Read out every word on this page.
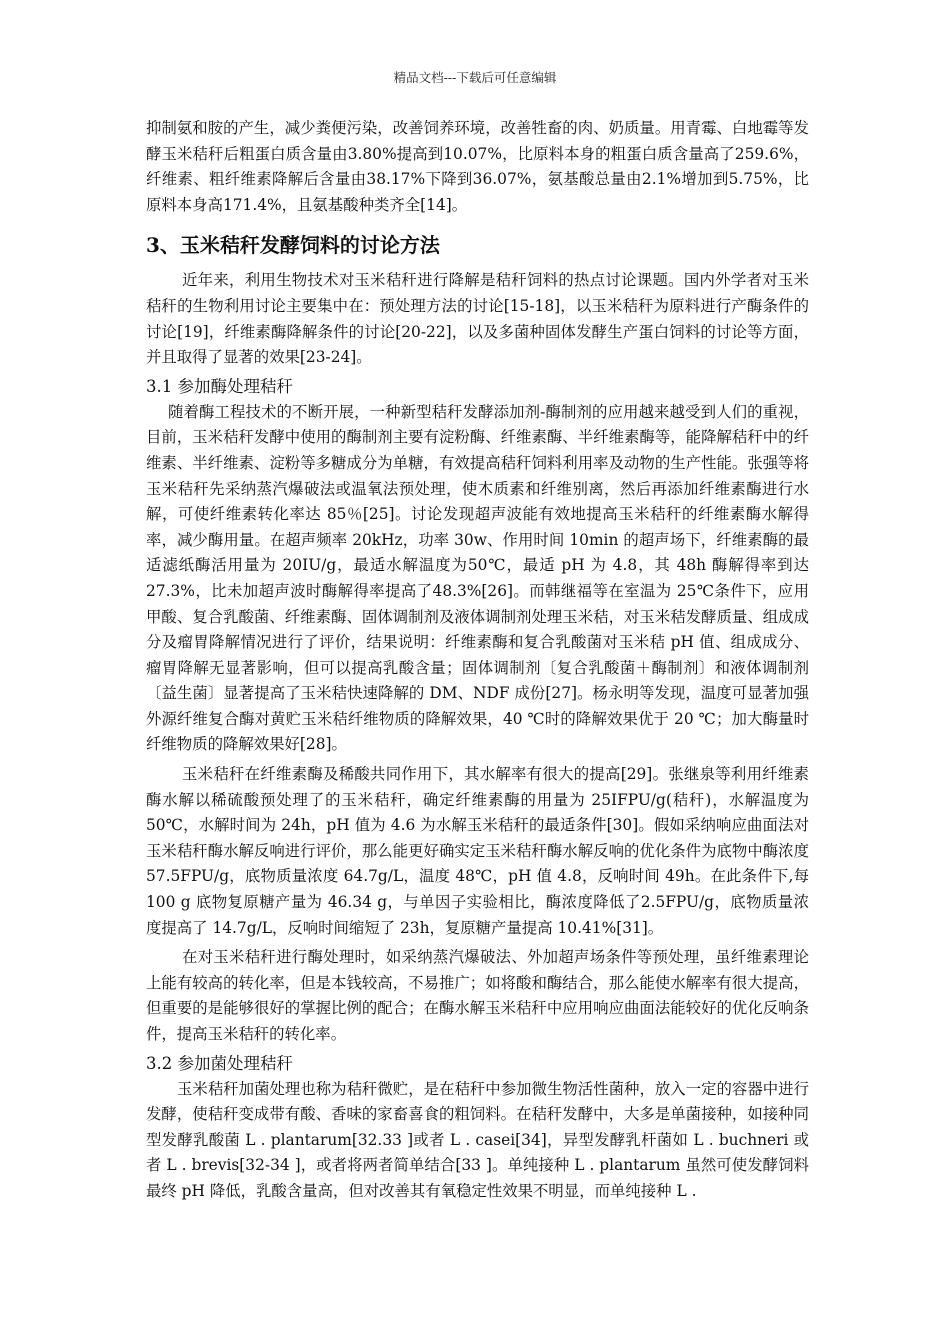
精品文档---下载后可任意编辑

抑制氨和胺的产生，减少粪便污染，改善饲养环境，改善牲畜的肉、奶质量。用青霉、白地霉等发酵玉米秸秆后粗蛋白质含量由3.80%提高到10.07%，比原料本身的粗蛋白质含量高了259.6%，纤维素、粗纤维素降解后含量由38.17%下降到36.07%，氨基酸总量由2.1%增加到5.75%，比原料本身高171.4%，且氨基酸种类齐全[14]。

3、玉米秸秆发酵饲料的讨论方法

近年来，利用生物技术对玉米秸秆进行降解是秸秆饲料的热点讨论课题。国内外学者对玉米秸秆的生物利用讨论主要集中在：预处理方法的讨论[15-18]，以玉米秸秆为原料进行产酶条件的讨论[19]，纤维素酶降解条件的讨论[20-22]，以及多菌种固体发酵生产蛋白饲料的讨论等方面，并且取得了显著的效果[23-24]。

3.1 参加酶处理秸秆

随着酶工程技术的不断开展，一种新型秸秆发酵添加剂-酶制剂的应用越来越受到人们的重视，目前，玉米秸秆发酵中使用的酶制剂主要有淀粉酶、纤维素酶、半纤维素酶等，能降解秸秆中的纤维素、半纤维素、淀粉等多糖成分为单糖，有效提高秸秆饲料利用率及动物的生产性能。张强等将玉米秸秆先采纳蒸汽爆破法或温氧法预处理，使木质素和纤维别离，然后再添加纤维素酶进行水解，可使纤维素转化率达 85％[25]。讨论发现超声波能有效地提高玉米秸秆的纤维素酶水解得率，减少酶用量。在超声频率 20kHz，功率 30w、作用时间 10min 的超声场下，纤维素酶的最适滤纸酶活用量为 20IU/g，最适水解温度为50℃，最适 pH 为 4.8，其 48h 酶解得率到达 27.3%，比未加超声波时酶解得率提高了48.3%[26]。而韩继福等在室温为 25℃条件下，应用甲酸、复合乳酸菌、纤维素酶、固体调制剂及液体调制剂处理玉米秸，对玉米秸发酵质量、组成成分及瘤胃降解情况进行了评价，结果说明：纤维素酶和复合乳酸菌对玉米秸 pH 值、组成成分、瘤胃降解无显著影响，但可以提高乳酸含量；固体调制剂〔复合乳酸菌＋酶制剂〕和液体调制剂〔益生菌〕显著提高了玉米秸快速降解的 DM、NDF 成份[27]。杨永明等发现，温度可显著加强外源纤维复合酶对黄贮玉米秸纤维物质的降解效果，40 ℃时的降解效果优于 20 ℃；加大酶量时纤维物质的降解效果好[28]。

玉米秸秆在纤维素酶及稀酸共同作用下，其水解率有很大的提高[29]。张继泉等利用纤维素酶水解以稀硫酸预处理了的玉米秸秆，确定纤维素酶的用量为 25IFPU/g(秸秆)，水解温度为 50℃，水解时间为 24h，pH 值为 4.6 为水解玉米秸秆的最适条件[30]。假如采纳响应曲面法对玉米秸秆酶水解反响进行评价，那么能更好确实定玉米秸秆酶水解反响的优化条件为底物中酶浓度 57.5FPU/g，底物质量浓度 64.7g/L，温度 48℃，pH 值 4.8，反响时间 49h。在此条件下,每 100 g 底物复原糖产量为 46.34 g，与单因子实验相比，酶浓度降低了2.5FPU/g，底物质量浓度提高了 14.7g/L，反响时间缩短了 23h，复原糖产量提高 10.41%[31]。

在对玉米秸秆进行酶处理时，如采纳蒸汽爆破法、外加超声场条件等预处理，虽纤维素理论上能有较高的转化率，但是本钱较高，不易推广；如将酸和酶结合，那么能使水解率有很大提高，但重要的是能够很好的掌握比例的配合；在酶水解玉米秸秆中应用响应曲面法能较好的优化反响条件，提高玉米秸秆的转化率。

3.2 参加菌处理秸秆

玉米秸秆加菌处理也称为秸秆微贮，是在秸秆中参加微生物活性菌种，放入一定的容器中进行发酵，使秸秆变成带有酸、香味的家畜喜食的粗饲料。在秸秆发酵中，大多是单菌接种，如接种同型发酵乳酸菌 L . plantarum[32.33 ]或者 L . casei[34]，异型发酵乳杆菌如 L . buchneri 或者 L . brevis[32-34 ]，或者将两者简单结合[33 ]。单纯接种 L . plantarum 虽然可使发酵饲料最终 pH 降低，乳酸含量高，但对改善其有氧稳定性效果不明显，而单纯接种 L .
